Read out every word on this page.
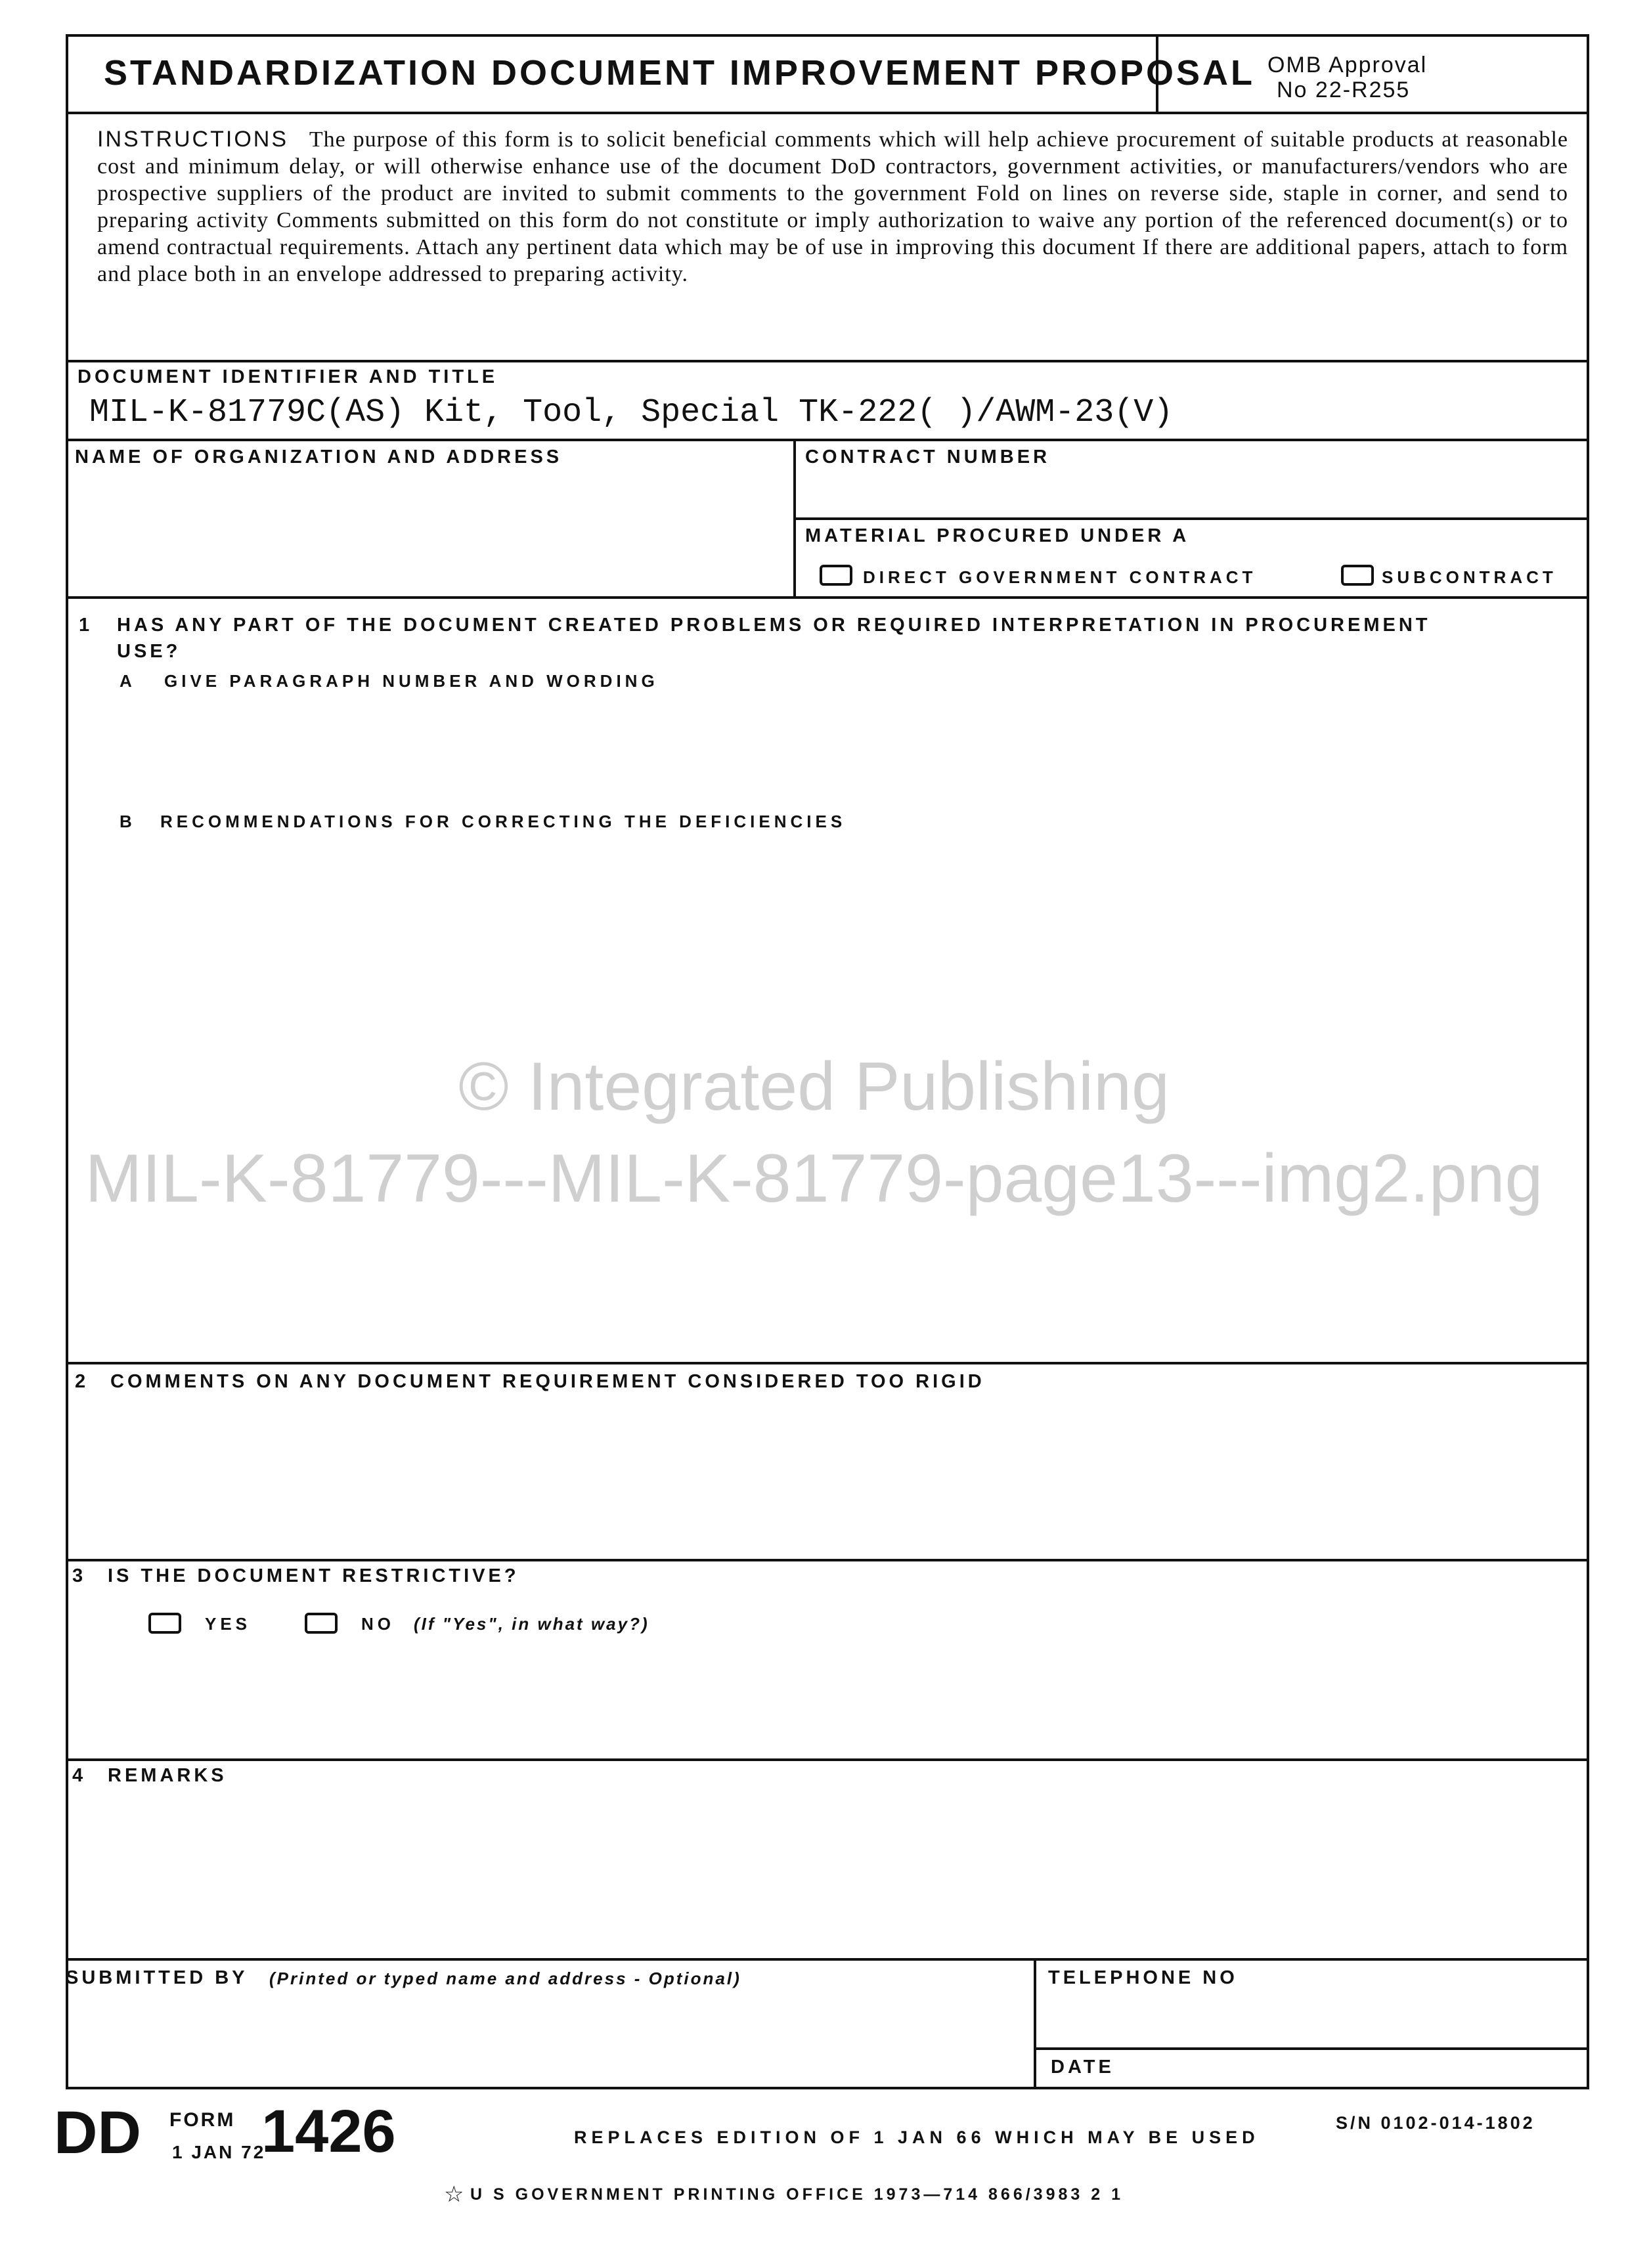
STANDARDIZATION DOCUMENT IMPROVEMENT PROPOSAL OMB Approval
No 22-R255
INSTRUCTIONS The purpose of this form is to solicit beneficial comments which will help achieve procurement of suitable products at reasonable cost and minimum delay, or will otherwise enhance use of the document DoD contractors, government activities, or manufacturers/vendors who are prospective suppliers of the product are invited to submit comments to the government Fold on lines on reverse side, staple in corner, and send to preparing activity Comments submitted on this form do not constitute or imply authorization to waive any portion of the referenced document(s) or to amend contractual requirements. Attach any pertinent data which may be of use in improving this document If there are additional papers, attach to form and place both in an envelope addressed to preparing activity.
DOCUMENT IDENTIFIER AND TITLE
MIL-K-81779C(AS) Kit, Tool, Special TK-222( )/AWM-23(V)
NAME OF ORGANIZATION AND ADDRESS	CONTRACT NUMBER
MATERIAL PROCURED UNDER A
DIRECT GOVERNMENT CONTRACT	SUBCONTRACT
1 HAS ANY PART OF THE DOCUMENT CREATED PROBLEMS OR REQUIRED INTERPRETATION IN PROCUREMENT
USE?
A GIVE PARAGRAPH NUMBER AND WORDING
B RECOMMENDATIONS FOR CORRECTING THE DEFICIENCIES
2 COMMENTS ON ANY DOCUMENT REQUIREMENT CONSIDERED TOO RIGID
3 IS THE DOCUMENT RESTRICTIVE?
YES	NO (If "Yes", in what way?)
4 REMARKS
SUBMITTED BY (Printed or typed name and address - Optional)	TELEPHONE NO
DATE
© Integrated Publishing
MIL-K-81779---MIL-K-81779-page13---img2.png
DD FORM
1 JAN 72
1426	REPLACES EDITION OF 1 JAN 66 WHICH MAY BE USED
S/N 0102-014-1802
☆ U S GOVERNMENT PRINTING OFFICE 1973—714 866/3983 2 1
